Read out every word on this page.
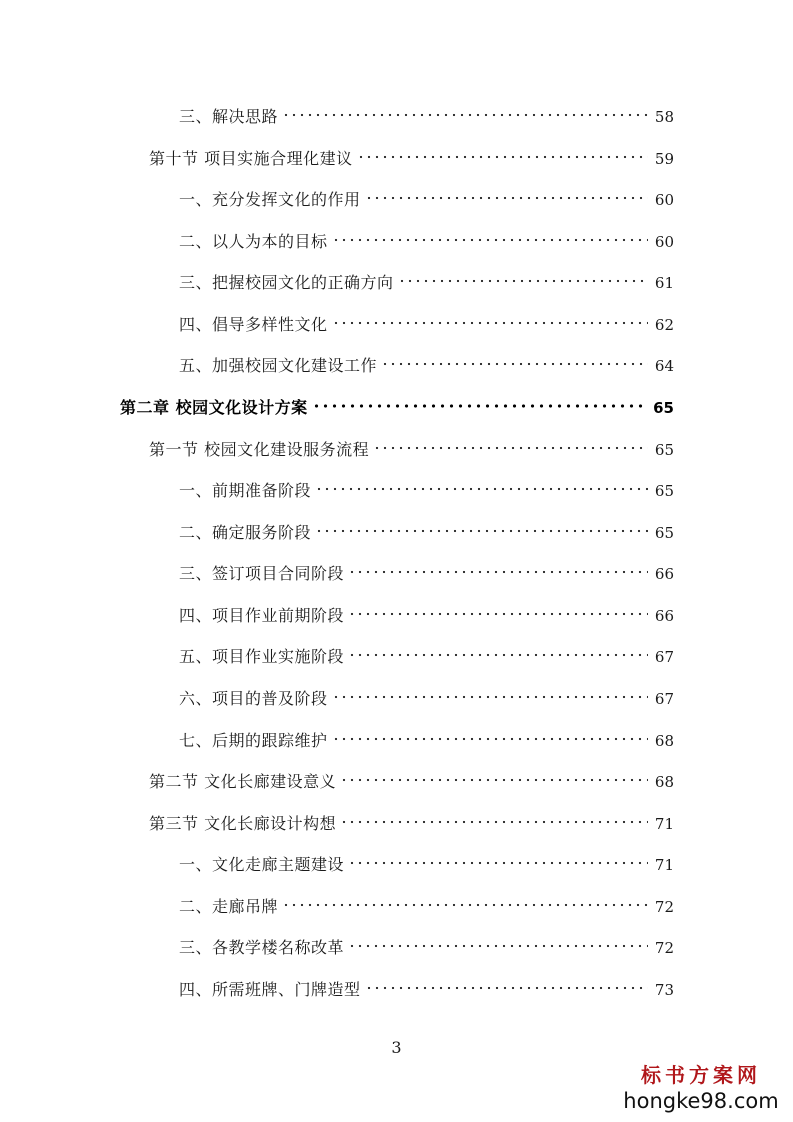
三、解决思路	58
第十节 项目实施合理化建议	59
一、充分发挥文化的作用	60
二、以人为本的目标	60
三、把握校园文化的正确方向	61
四、倡导多样性文化	62
五、加强校园文化建设工作	64
第二章 校园文化设计方案	65
第一节 校园文化建设服务流程	65
一、前期准备阶段	65
二、确定服务阶段	65
三、签订项目合同阶段	66
四、项目作业前期阶段	66
五、项目作业实施阶段	67
六、项目的普及阶段	67
七、后期的跟踪维护	68
第二节 文化长廊建设意义	68
第三节 文化长廊设计构想	71
一、文化走廊主题建设	71
二、走廊吊牌	72
三、各教学楼名称改革	72
四、所需班牌、门牌造型	73
3
标书方案网
hongke98.com
